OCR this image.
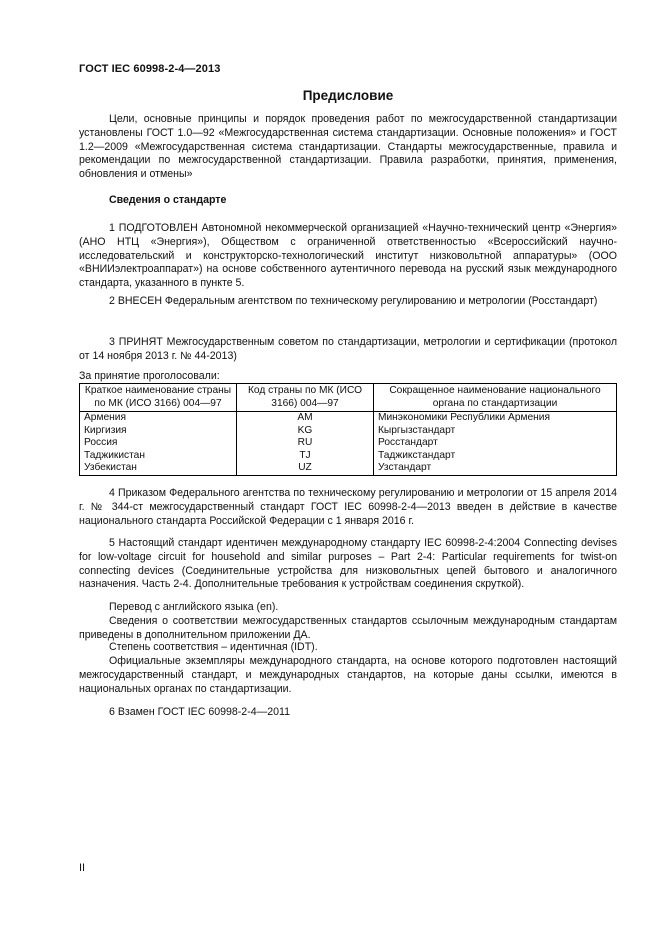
ГОСТ IEC 60998-2-4—2013
Предисловие

Цели, основные принципы и порядок проведения работ по межгосударственной стандартизации установлены ГОСТ 1.0—92 «Межгосударственная система стандартизации. Основные положения» и ГОСТ 1.2—2009 «Межгосударственная система стандартизации. Стандарты межгосударственные, правила и рекомендации по межгосударственной стандартизации. Правила разработки, принятия, применения, обновления и отмены»

Сведения о стандарте

1 ПОДГОТОВЛЕН Автономной некоммерческой организацией «Научно-технический центр «Энергия» (АНО НТЦ «Энергия»), Обществом с ограниченной ответственностью «Всероссийский научно-исследовательский и конструкторско-технологический институт низковольтной аппаратуры» (ООО «ВНИИэлектроаппарат») на основе собственного аутентичного перевода на русский язык международного стандарта, указанного в пункте 5.

2 ВНЕСЕН Федеральным агентством по техническому регулированию и метрологии (Росстандарт)

3 ПРИНЯТ Межгосударственным советом по стандартизации, метрологии и сертификации (протокол от 14 ноября 2013 г. № 44-2013)

За принятие проголосовали:

Краткое наименование страны по МК (ИСО 3166) 004—97	Код страны по МК (ИСО 3166) 004—97	Сокращенное наименование национального органа по стандартизации
Армения	AM	Минэкономики Республики Армения
Киргизия	KG	Кыргызстандарт
Россия	RU	Росстандарт
Таджикистан	TJ	Таджикстандарт
Узбекистан	UZ	Узстандарт

4 Приказом Федерального агентства по техническому регулированию и метрологии от 15 апреля 2014 г. № 344-ст межгосударственный стандарт ГОСТ IEC 60998-2-4—2013 введен в действие в качестве национального стандарта Российской Федерации с 1 января 2016 г.

5 Настоящий стандарт идентичен международному стандарту IEC 60998-2-4:2004 Connecting devises for low-voltage circuit for household and similar purposes – Part 2-4: Particular requirements for twist-on connecting devices (Соединительные устройства для низковольтных цепей бытового и аналогичного назначения. Часть 2-4. Дополнительные требования к устройствам соединения скруткой).

Перевод с английского языка (en).

Сведения о соответствии межгосударственных стандартов ссылочным международным стандартам приведены в дополнительном приложении ДА.

Степень соответствия – идентичная (IDT).

Официальные экземпляры международного стандарта, на основе которого подготовлен настоящий межгосударственный стандарт, и международных стандартов, на которые даны ссылки, имеются в национальных органах по стандартизации.

6 Взамен ГОСТ IEC 60998-2-4—2011

II
